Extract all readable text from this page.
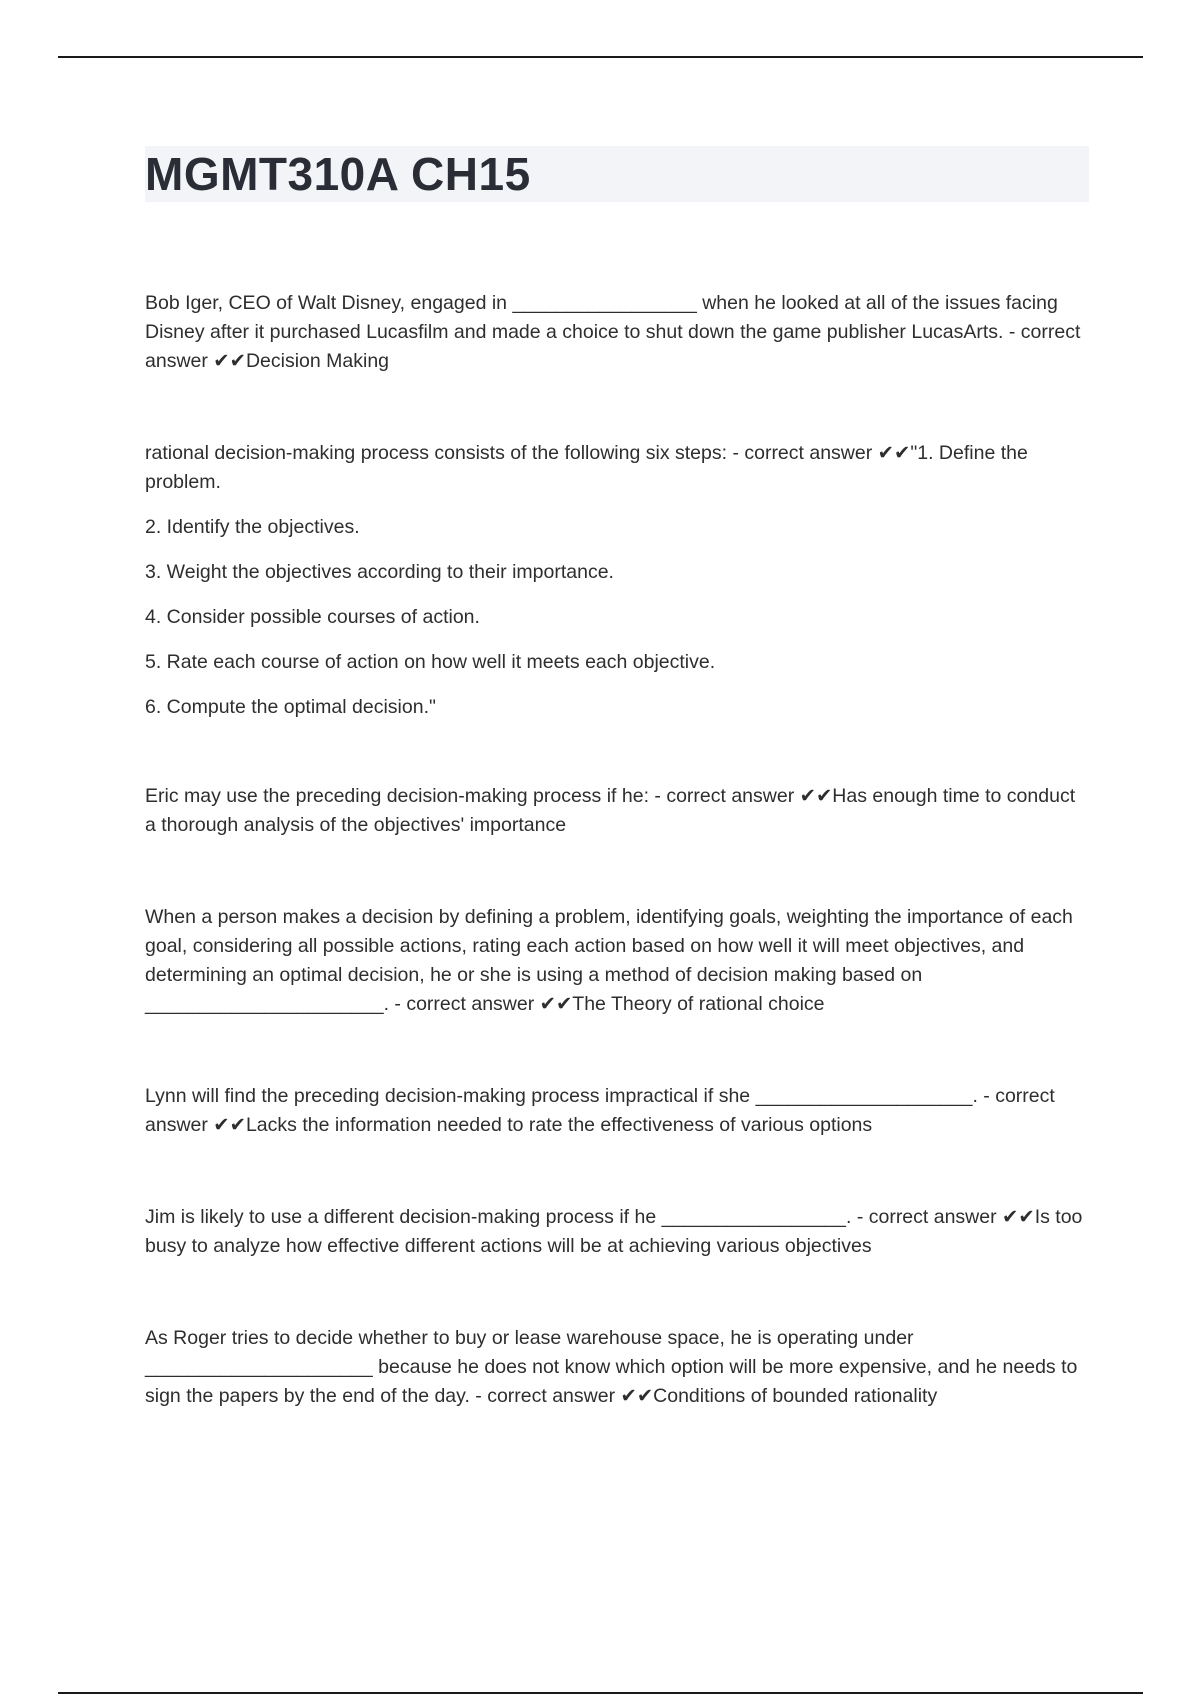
MGMT310A CH15

Bob Iger, CEO of Walt Disney, engaged in _________________ when he looked at all of the issues facing Disney after it purchased Lucasfilm and made a choice to shut down the game publisher LucasArts. - correct answer ✔✔Decision Making

rational decision-making process consists of the following six steps: - correct answer ✔✔"1. Define the problem.

2. Identify the objectives.

3. Weight the objectives according to their importance.

4. Consider possible courses of action.

5. Rate each course of action on how well it meets each objective.

6. Compute the optimal decision."

Eric may use the preceding decision-making process if he: - correct answer ✔✔Has enough time to conduct a thorough analysis of the objectives' importance

When a person makes a decision by defining a problem, identifying goals, weighting the importance of each goal, considering all possible actions, rating each action based on how well it will meet objectives, and determining an optimal decision, he or she is using a method of decision making based on ______________________. - correct answer ✔✔The Theory of rational choice

Lynn will find the preceding decision-making process impractical if she ____________________. - correct answer ✔✔Lacks the information needed to rate the effectiveness of various options

Jim is likely to use a different decision-making process if he _________________. - correct answer ✔✔Is too busy to analyze how effective different actions will be at achieving various objectives

As Roger tries to decide whether to buy or lease warehouse space, he is operating under _____________________ because he does not know which option will be more expensive, and he needs to sign the papers by the end of the day. - correct answer ✔✔Conditions of bounded rationality
